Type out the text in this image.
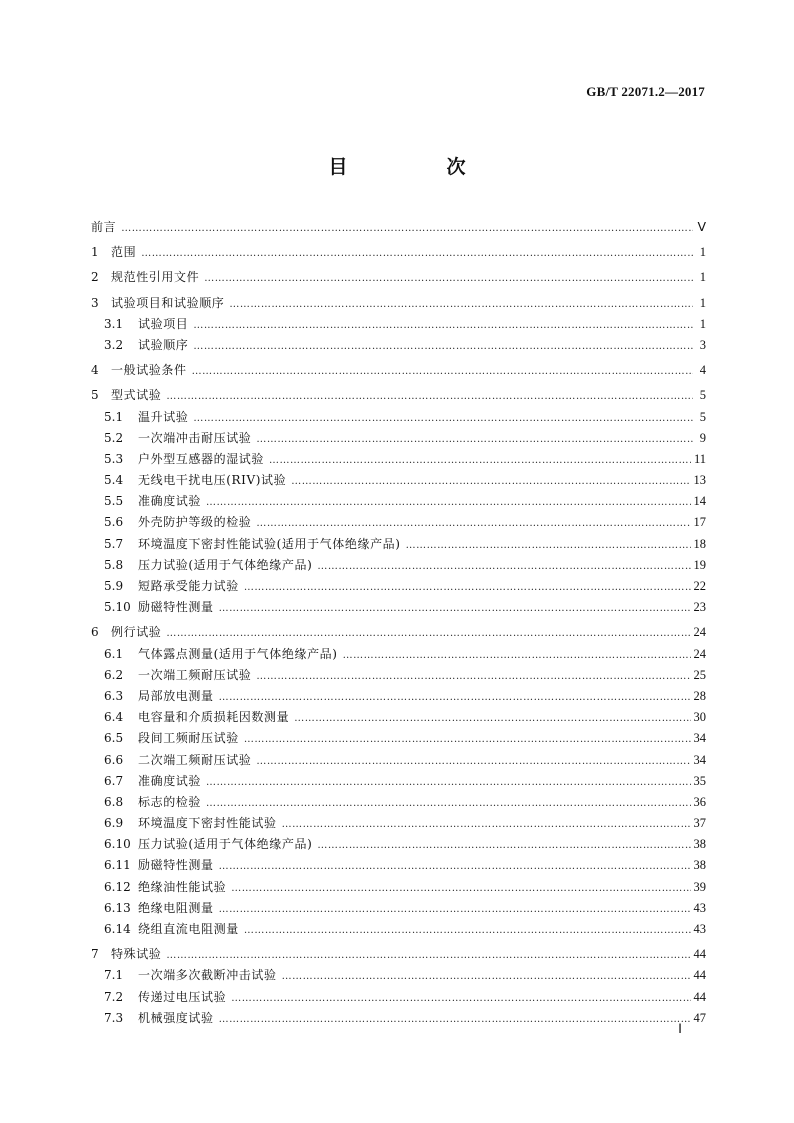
GB/T 22071.2—2017
目　次
前言 …………………………………………………………………………………………………………………………………………………………………………………………………………………………………………………………………………………	Ⅴ
1	范围 …………………………………………………………………………………………………………………………………………………………………………………………………………………………………………………………………………………	1
2	规范性引用文件 …………………………………………………………………………………………………………………………………………………………………………………………………………………………………………………………………………………	1
3	试验项目和试验顺序 …………………………………………………………………………………………………………………………………………………………………………………………………………………………………………………………………………………	1
3.1	试验项目 …………………………………………………………………………………………………………………………………………………………………………………………………………………………………………………………………………………	1
3.2	试验顺序 …………………………………………………………………………………………………………………………………………………………………………………………………………………………………………………………………………………	3
4	一般试验条件 …………………………………………………………………………………………………………………………………………………………………………………………………………………………………………………………………………………	4
5	型式试验 …………………………………………………………………………………………………………………………………………………………………………………………………………………………………………………………………………………	5
5.1	温升试验 …………………………………………………………………………………………………………………………………………………………………………………………………………………………………………………………………………………	5
5.2	一次端冲击耐压试验 …………………………………………………………………………………………………………………………………………………………………………………………………………………………………………………………………………………	9
5.3	户外型互感器的湿试验 …………………………………………………………………………………………………………………………………………………………………………………………………………………………………………………………………………………	11
5.4	无线电干扰电压(RIV)试验 …………………………………………………………………………………………………………………………………………………………………………………………………………………………………………………………………………………	13
5.5	准确度试验 …………………………………………………………………………………………………………………………………………………………………………………………………………………………………………………………………………………	14
5.6	外壳防护等级的检验 …………………………………………………………………………………………………………………………………………………………………………………………………………………………………………………………………………………	17
5.7	环境温度下密封性能试验(适用于气体绝缘产品) …………………………………………………………………………………………………………………………………………………………………………………………………………………………………………………………………………………	18
5.8	压力试验(适用于气体绝缘产品) …………………………………………………………………………………………………………………………………………………………………………………………………………………………………………………………………………………	19
5.9	短路承受能力试验 …………………………………………………………………………………………………………………………………………………………………………………………………………………………………………………………………………………	22
5.10 励磁特性测量 …………………………………………………………………………………………………………………………………………………………………………………………………………………………………………………………………………………	23
6	例行试验 …………………………………………………………………………………………………………………………………………………………………………………………………………………………………………………………………………………	24
6.1	气体露点测量(适用于气体绝缘产品) …………………………………………………………………………………………………………………………………………………………………………………………………………………………………………………………………………………	24
6.2	一次端工频耐压试验 …………………………………………………………………………………………………………………………………………………………………………………………………………………………………………………………………………………	25
6.3	局部放电测量 …………………………………………………………………………………………………………………………………………………………………………………………………………………………………………………………………………………	28
6.4	电容量和介质损耗因数测量 …………………………………………………………………………………………………………………………………………………………………………………………………………………………………………………………………………………	30
6.5	段间工频耐压试验 …………………………………………………………………………………………………………………………………………………………………………………………………………………………………………………………………………………	34
6.6	二次端工频耐压试验 …………………………………………………………………………………………………………………………………………………………………………………………………………………………………………………………………………………	34
6.7	准确度试验 …………………………………………………………………………………………………………………………………………………………………………………………………………………………………………………………………………………	35
6.8	标志的检验 …………………………………………………………………………………………………………………………………………………………………………………………………………………………………………………………………………………	36
6.9	环境温度下密封性能试验 …………………………………………………………………………………………………………………………………………………………………………………………………………………………………………………………………………………	37
6.10 压力试验(适用于气体绝缘产品) …………………………………………………………………………………………………………………………………………………………………………………………………………………………………………………………………………………	38
6.11 励磁特性测量 …………………………………………………………………………………………………………………………………………………………………………………………………………………………………………………………………………………	38
6.12 绝缘油性能试验 …………………………………………………………………………………………………………………………………………………………………………………………………………………………………………………………………………………	39
6.13 绝缘电阻测量 …………………………………………………………………………………………………………………………………………………………………………………………………………………………………………………………………………………	43
6.14 绕组直流电阻测量 …………………………………………………………………………………………………………………………………………………………………………………………………………………………………………………………………………………	43
7	特殊试验 …………………………………………………………………………………………………………………………………………………………………………………………………………………………………………………………………………………	44
7.1	一次端多次截断冲击试验 …………………………………………………………………………………………………………………………………………………………………………………………………………………………………………………………………………………	44
7.2	传递过电压试验 …………………………………………………………………………………………………………………………………………………………………………………………………………………………………………………………………………………	44
7.3	机械强度试验 …………………………………………………………………………………………………………………………………………………………………………………………………………………………………………………………………………………	47
Ⅰ
